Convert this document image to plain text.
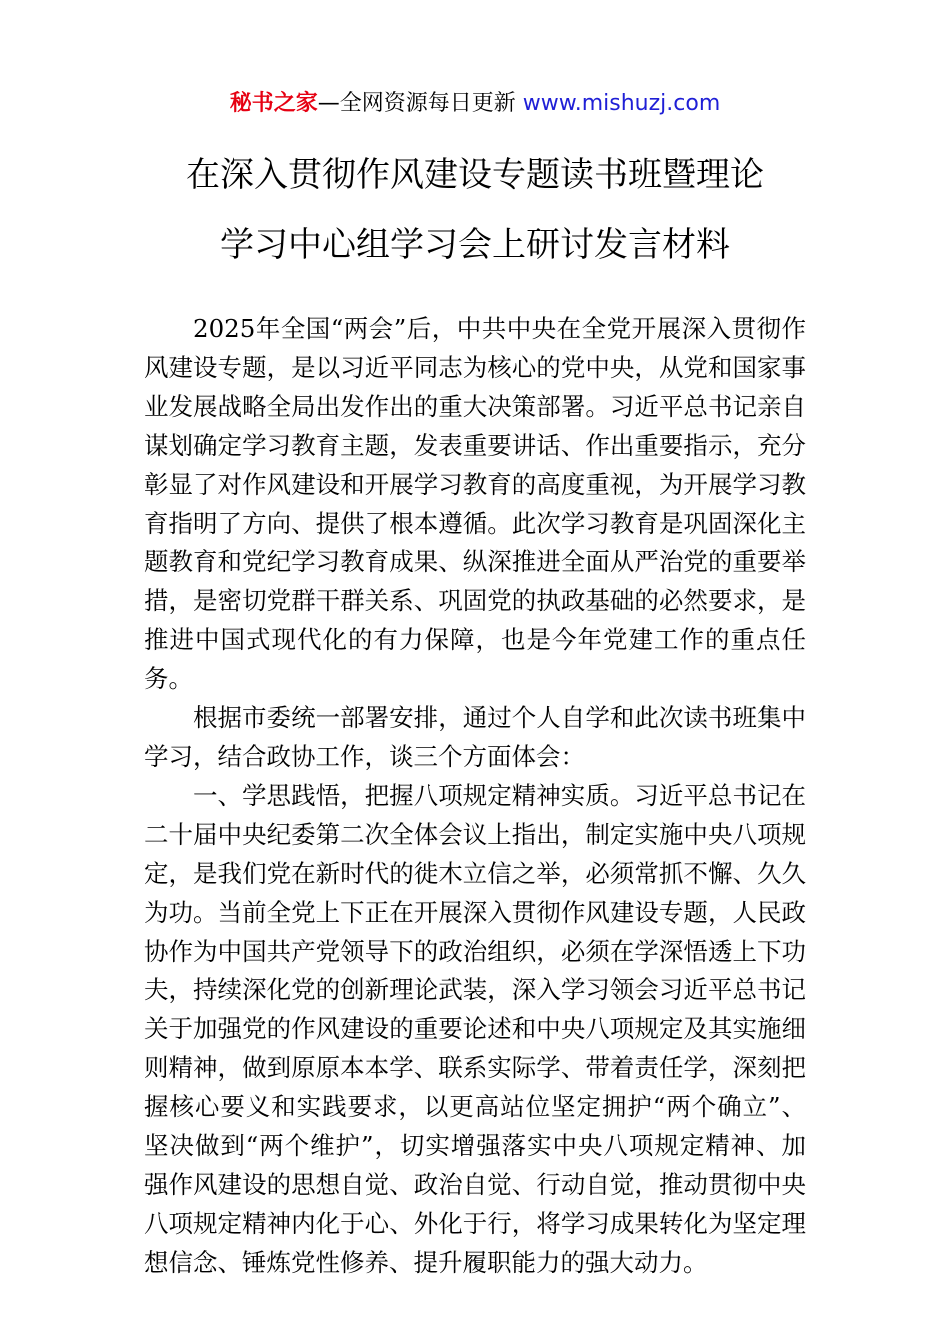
秘书之家—全网资源每日更新 www.mishuzj.com
在深入贯彻作风建设专题读书班暨理论
学习中心组学习会上研讨发言材料

2025年全国“两会”后，中共中央在全党开展深入贯彻作风建设专题，是以习近平同志为核心的党中央，从党和国家事业发展战略全局出发作出的重大决策部署。习近平总书记亲自谋划确定学习教育主题，发表重要讲话、作出重要指示，充分彰显了对作风建设和开展学习教育的高度重视，为开展学习教育指明了方向、提供了根本遵循。此次学习教育是巩固深化主题教育和党纪学习教育成果、纵深推进全面从严治党的重要举措，是密切党群干群关系、巩固党的执政基础的必然要求，是推进中国式现代化的有力保障，也是今年党建工作的重点任务。

根据市委统一部署安排，通过个人自学和此次读书班集中学习，结合政协工作，谈三个方面体会：

一、学思践悟，把握八项规定精神实质。习近平总书记在二十届中央纪委第二次全体会议上指出，制定实施中央八项规定，是我们党在新时代的徙木立信之举，必须常抓不懈、久久为功。当前全党上下正在开展深入贯彻作风建设专题，人民政协作为中国共产党领导下的政治组织，必须在学深悟透上下功夫，持续深化党的创新理论武装，深入学习领会习近平总书记关于加强党的作风建设的重要论述和中央八项规定及其实施细则精神，做到原原本本学、联系实际学、带着责任学，深刻把握核心要义和实践要求，以更高站位坚定拥护“两个确立”、坚决做到“两个维护”，切实增强落实中央八项规定精神、加强作风建设的思想自觉、政治自觉、行动自觉，推动贯彻中央八项规定精神内化于心、外化于行，将学习成果转化为坚定理想信念、锤炼党性修养、提升履职能力的强大动力。
